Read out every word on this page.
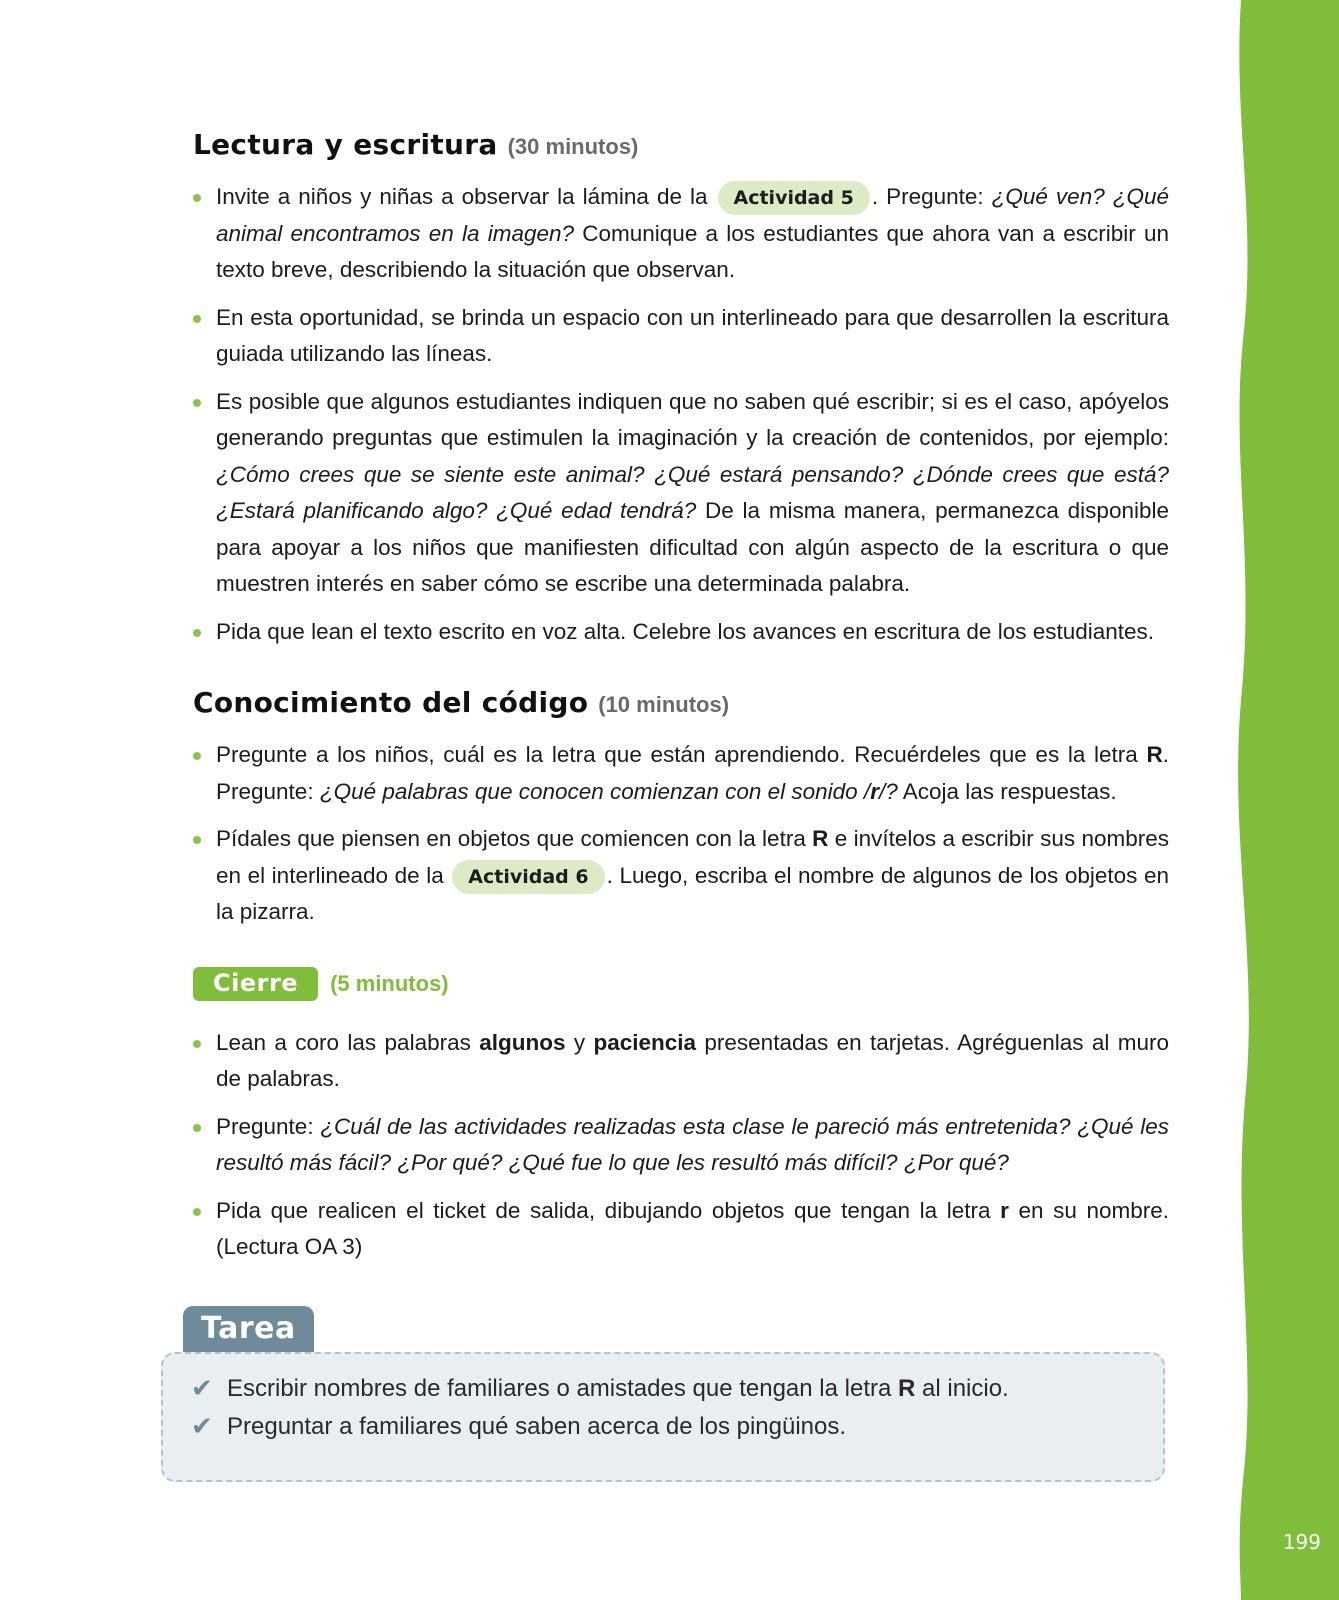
199
Lectura y escritura (30 minutos)
Invite a niños y niñas a observar la lámina de la Actividad 5 . Pregunte: ¿Qué ven? ¿Qué animal encontramos en la imagen? Comunique a los estudiantes que ahora van a escribir un texto breve, describiendo la situación que observan.
En esta oportunidad, se brinda un espacio con un interlineado para que desarrollen la escritura guiada utilizando las líneas.
Es posible que algunos estudiantes indiquen que no saben qué escribir; si es el caso, apóyelos generando preguntas que estimulen la imaginación y la creación de contenidos, por ejemplo: ¿Cómo crees que se siente este animal? ¿Qué estará pensando? ¿Dónde crees que está? ¿Estará planificando algo? ¿Qué edad tendrá? De la misma manera, permanezca disponible para apoyar a los niños que manifiesten dificultad con algún aspecto de la escritura o que muestren interés en saber cómo se escribe una determinada palabra.
Pida que lean el texto escrito en voz alta. Celebre los avances en escritura de los estudiantes.
Conocimiento del código (10 minutos)
Pregunte a los niños, cuál es la letra que están aprendiendo. Recuérdeles que es la letra R. Pregunte: ¿Qué palabras que conocen comienzan con el sonido /r/? Acoja las respuestas.
Pídales que piensen en objetos que comiencen con la letra R e invítelos a escribir sus nombres en el interlineado de la Actividad 6 . Luego, escriba el nombre de algunos de los objetos en la pizarra.
Cierre	(5 minutos)
Lean a coro las palabras algunos y paciencia presentadas en tarjetas. Agréguenlas al muro de palabras.
Pregunte: ¿Cuál de las actividades realizadas esta clase le pareció más entretenida? ¿Qué les resultó más fácil? ¿Por qué? ¿Qué fue lo que les resultó más difícil? ¿Por qué?
Pida que realicen el ticket de salida, dibujando objetos que tengan la letra r en su nombre. (Lectura OA 3)
Tarea
✔ Escribir nombres de familiares o amistades que tengan la letra R al inicio.
✔ Preguntar a familiares qué saben acerca de los pingüinos.
